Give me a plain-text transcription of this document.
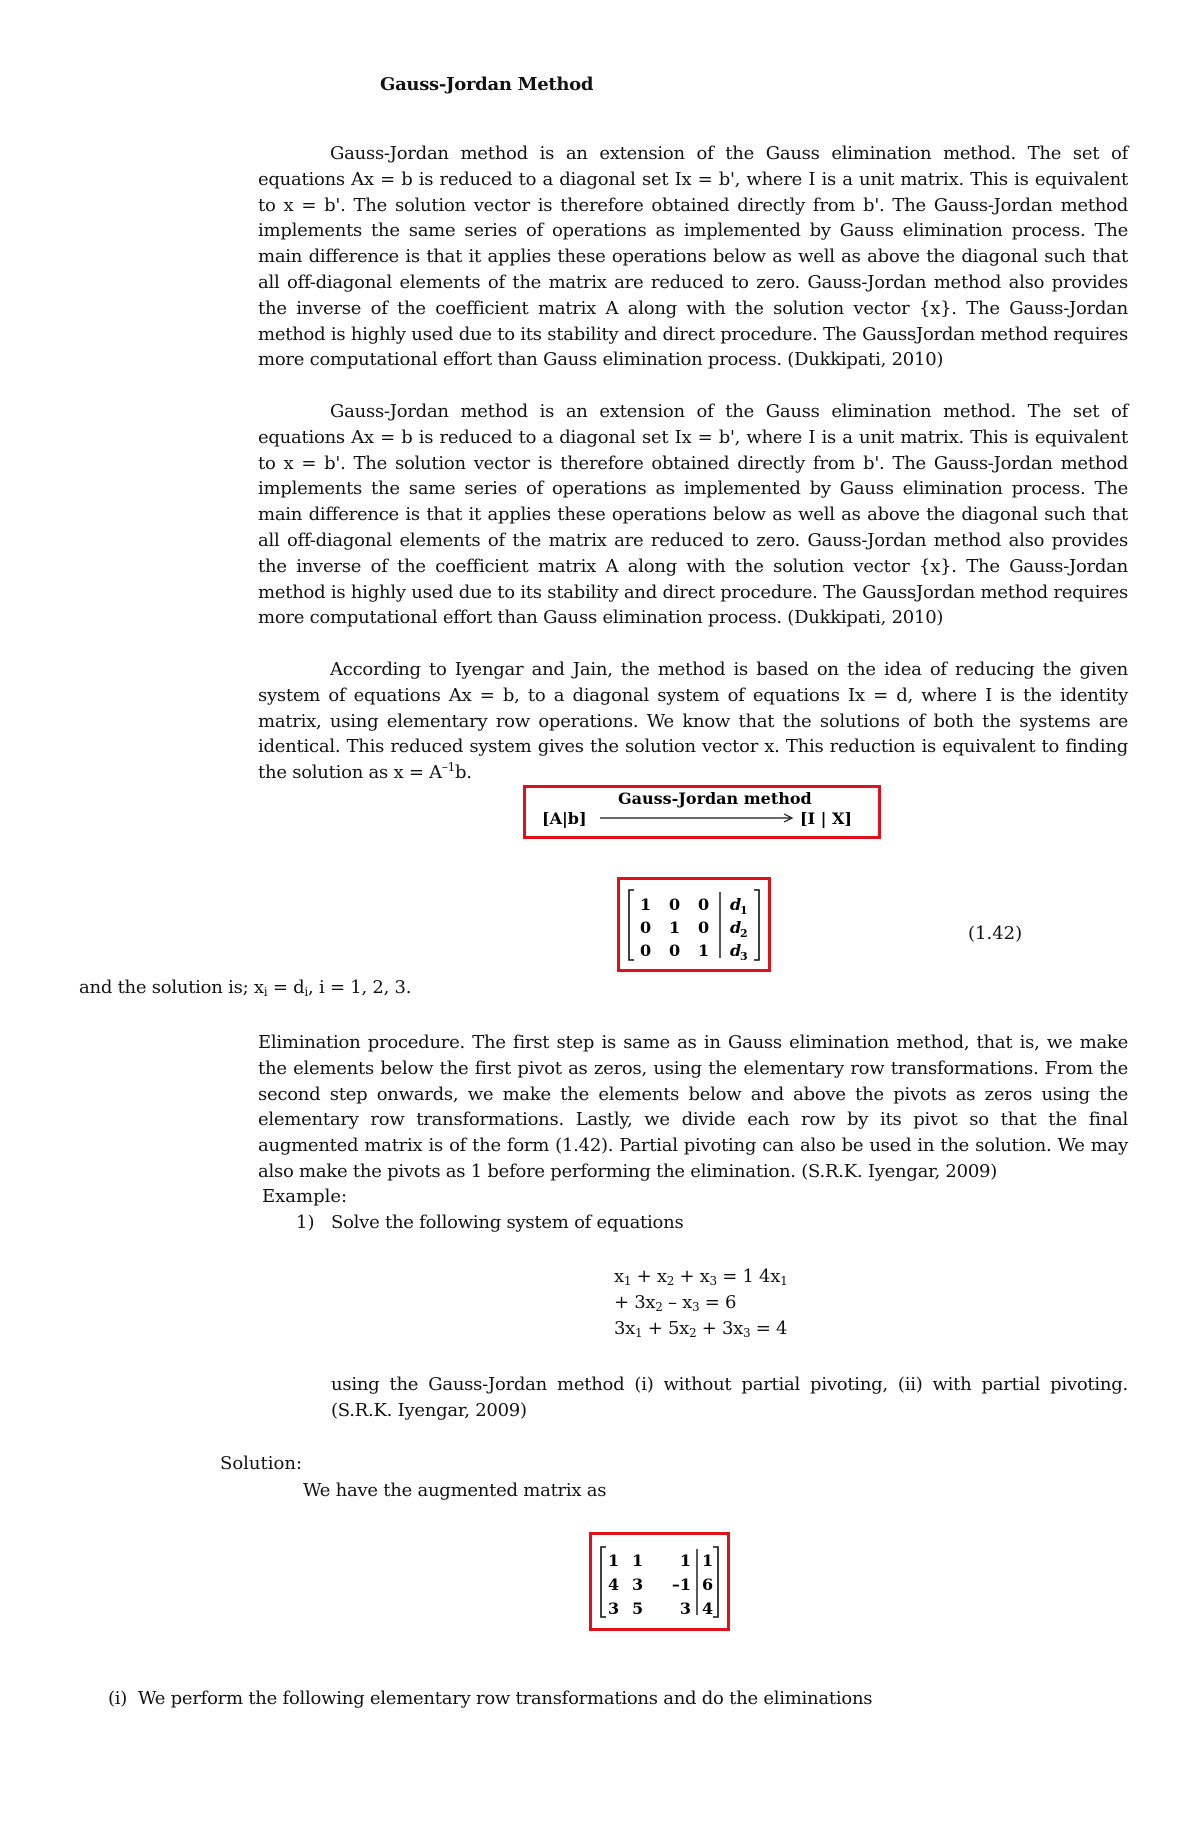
Gauss-Jordan Method
Gauss-Jordan method is an extension of the Gauss elimination method. The set of equations Ax = b is reduced to a diagonal set Ix = b', where I is a unit matrix. This is equivalent to x = b'. The solution vector is therefore obtained directly from b'. The Gauss-Jordan method implements the same series of operations as implemented by Gauss elimination process. The main difference is that it applies these operations below as well as above the diagonal such that all off-diagonal elements of the matrix are reduced to zero. Gauss-Jordan method also provides the inverse of the coefficient matrix A along with the solution vector {x}. The Gauss-Jordan method is highly used due to its stability and direct procedure. The GaussJordan method requires more computational effort than Gauss elimination process. (Dukkipati, 2010)
Gauss-Jordan method is an extension of the Gauss elimination method. The set of equations Ax = b is reduced to a diagonal set Ix = b', where I is a unit matrix. This is equivalent to x = b'. The solution vector is therefore obtained directly from b'. The Gauss-Jordan method implements the same series of operations as implemented by Gauss elimination process. The main difference is that it applies these operations below as well as above the diagonal such that all off-diagonal elements of the matrix are reduced to zero. Gauss-Jordan method also provides the inverse of the coefficient matrix A along with the solution vector {x}. The Gauss-Jordan method is highly used due to its stability and direct procedure. The GaussJordan method requires more computational effort than Gauss elimination process. (Dukkipati, 2010)
According to Iyengar and Jain, the method is based on the idea of reducing the given system of equations Ax = b, to a diagonal system of equations Ix = d, where I is the identity matrix, using elementary row operations. We know that the solutions of both the systems are identical. This reduced system gives the solution vector x. This reduction is equivalent to finding the solution as $x = A^{-1}b$.
[A|b]
Gauss-Jordan method
[I | X]
1 0 0 d
1
0 1 0 d
2
0 0 1 d
3
(1.42)
and the solution is; $x_i = d_i$, i = 1, 2, 3.
Elimination procedure. The first step is same as in Gauss elimination method, that is, we make the elements below the first pivot as zeros, using the elementary row transformations. From the second step onwards, we make the elements below and above the pivots as zeros using the elementary row transformations. Lastly, we divide each row by its pivot so that the final augmented matrix is of the form (1.42). Partial pivoting can also be used in the solution. We may also make the pivots as 1 before performing the elimination. (S.R.K. Iyengar, 2009)
Example:
1) Solve the following system of equations
$x_1 + x_2 + x_3 = 1$ $4x_1$
+ $3x_2 - x_3 = 6$
$3x_1 + 5x_2 + 3x_3 = 4$
using the Gauss-Jordan method (i) without partial pivoting, (ii) with partial pivoting. (S.R.K. Iyengar, 2009)
Solution:
We have the augmented matrix as
1 1 1 1
4 3 –1 6
3 5 3 4
(i)  We perform the following elementary row transformations and do the eliminations
